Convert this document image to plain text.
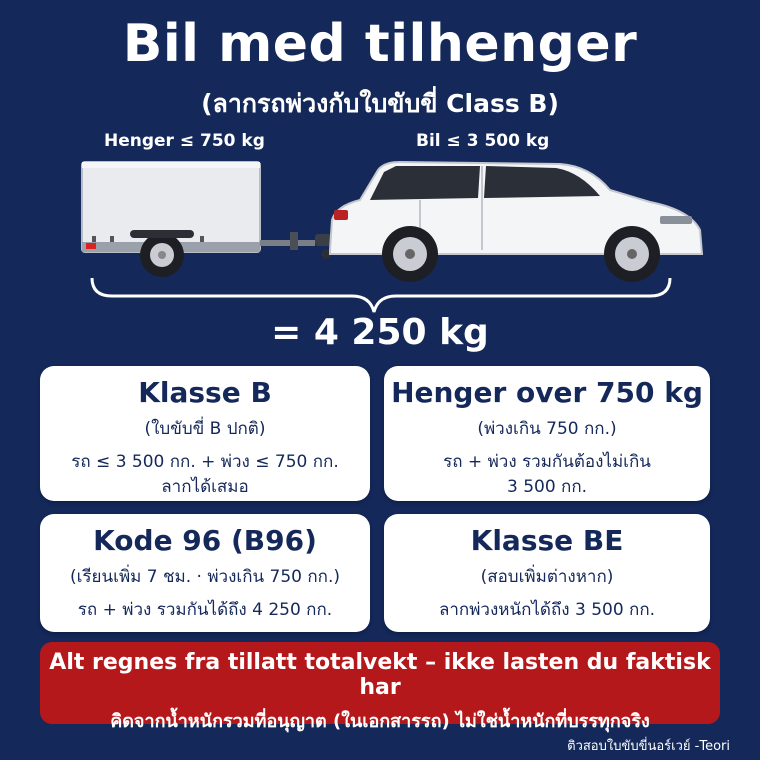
Bil med tilhenger
(ลากรถพ่วงกับใบขับขี่ Class B)
Henger ≤ 750 kg	Bil ≤ 3 500 kg
= 4 250 kg
Klasse B
(ใบขับขี่ B ปกติ)
รถ ≤ 3 500 กก. + พ่วง ≤ 750 กก.
ลากได้เสมอ
Henger over 750 kg
(พ่วงเกิน 750 กก.)
รถ + พ่วง รวมกันต้องไม่เกิน
3 500 กก.
Kode 96 (B96)
(เรียนเพิ่ม 7 ชม. · พ่วงเกิน 750 กก.)
รถ + พ่วง รวมกันได้ถึง 4 250 กก.
Klasse BE
(สอบเพิ่มต่างหาก)
ลากพ่วงหนักได้ถึง 3 500 กก.
Alt regnes fra tillatt totalvekt – ikke lasten du faktisk har
คิดจากน้ำหนักรวมที่อนุญาต (ในเอกสารรถ) ไม่ใช่น้ำหนักที่บรรทุกจริง
ติวสอบใบขับขี่นอร์เวย์ -Teori
